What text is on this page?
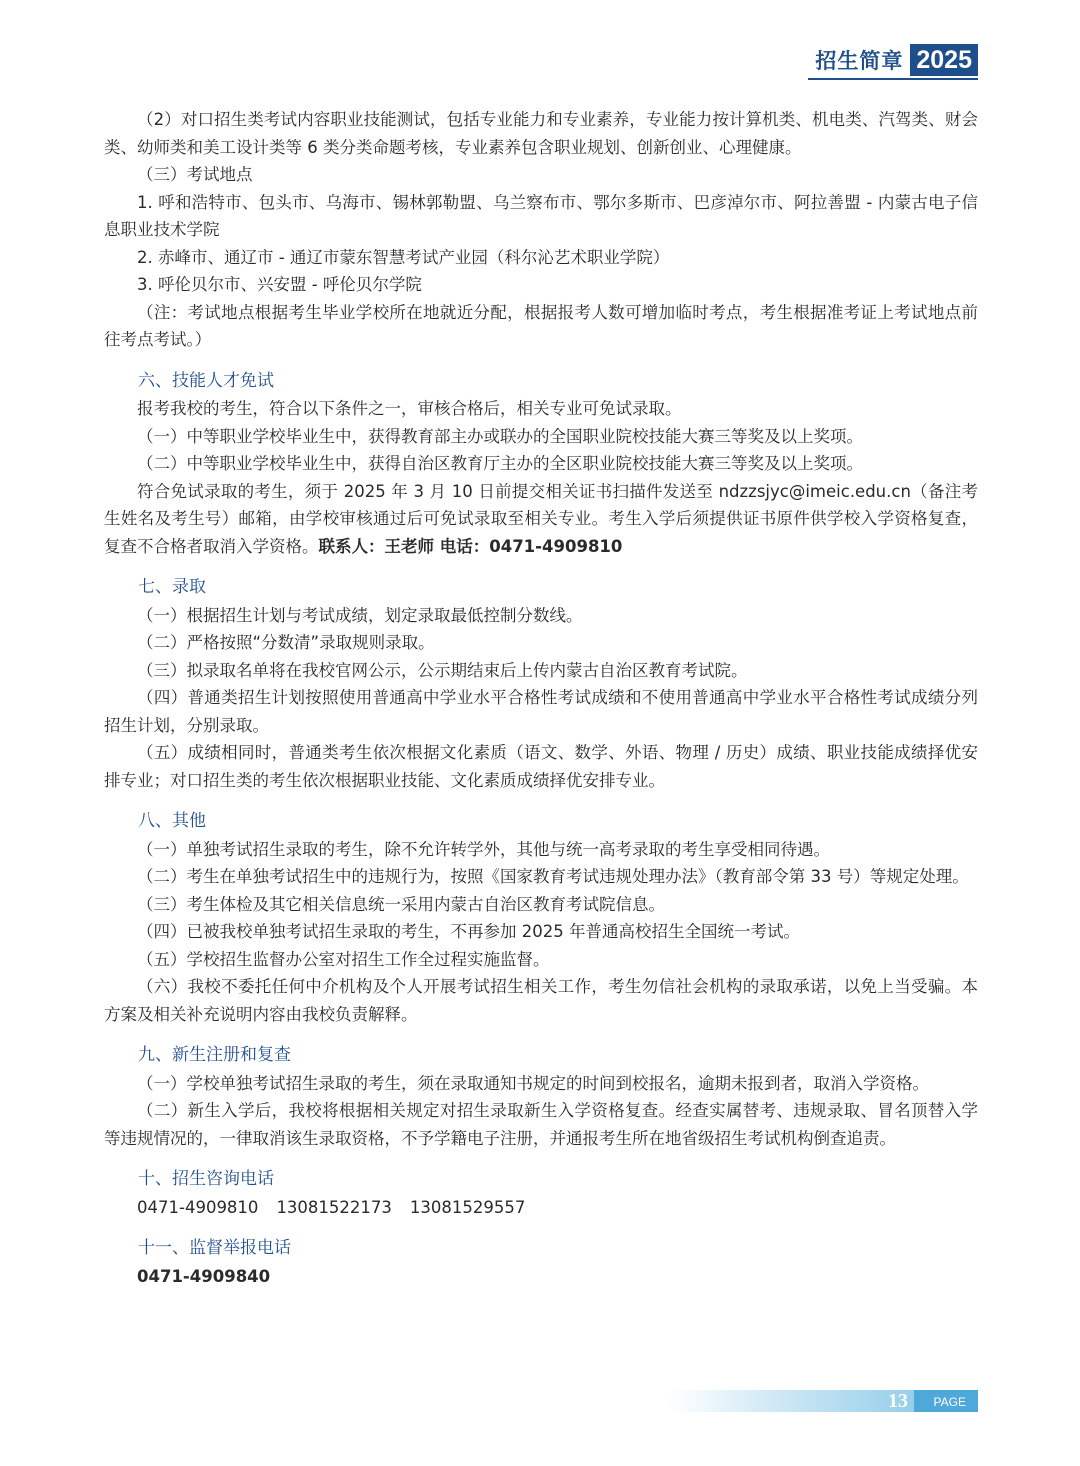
招生简章 2025

（2）对口招生类考试内容职业技能测试，包括专业能力和专业素养，专业能力按计算机类、机电类、汽驾类、财会类、幼师类和美工设计类等 6 类分类命题考核，专业素养包含职业规划、创新创业、心理健康。

（三）考试地点

1. 呼和浩特市、包头市、乌海市、锡林郭勒盟、乌兰察布市、鄂尔多斯市、巴彦淖尔市、阿拉善盟 - 内蒙古电子信息职业技术学院

2. 赤峰市、通辽市 - 通辽市蒙东智慧考试产业园（科尔沁艺术职业学院）

3. 呼伦贝尔市、兴安盟 - 呼伦贝尔学院

（注：考试地点根据考生毕业学校所在地就近分配，根据报考人数可增加临时考点，考生根据准考证上考试地点前往考点考试。）

六、技能人才免试

报考我校的考生，符合以下条件之一，审核合格后，相关专业可免试录取。

（一）中等职业学校毕业生中，获得教育部主办或联办的全国职业院校技能大赛三等奖及以上奖项。

（二）中等职业学校毕业生中，获得自治区教育厅主办的全区职业院校技能大赛三等奖及以上奖项。

符合免试录取的考生，须于 2025 年 3 月 10 日前提交相关证书扫描件发送至 ndzzsjyc@imeic.edu.cn（备注考生姓名及考生号）邮箱，由学校审核通过后可免试录取至相关专业。考生入学后须提供证书原件供学校入学资格复查，复查不合格者取消入学资格。联系人：王老师 电话：0471-4909810

七、录取

（一）根据招生计划与考试成绩，划定录取最低控制分数线。

（二）严格按照“分数清”录取规则录取。

（三）拟录取名单将在我校官网公示，公示期结束后上传内蒙古自治区教育考试院。

（四）普通类招生计划按照使用普通高中学业水平合格性考试成绩和不使用普通高中学业水平合格性考试成绩分列招生计划，分别录取。

（五）成绩相同时，普通类考生依次根据文化素质（语文、数学、外语、物理 / 历史）成绩、职业技能成绩择优安排专业；对口招生类的考生依次根据职业技能、文化素质成绩择优安排专业。

八、其他

（一）单独考试招生录取的考生，除不允许转学外，其他与统一高考录取的考生享受相同待遇。

（二）考生在单独考试招生中的违规行为，按照《国家教育考试违规处理办法》（教育部令第 33 号）等规定处理。

（三）考生体检及其它相关信息统一采用内蒙古自治区教育考试院信息。

（四）已被我校单独考试招生录取的考生，不再参加 2025 年普通高校招生全国统一考试。

（五）学校招生监督办公室对招生工作全过程实施监督。

（六）我校不委托任何中介机构及个人开展考试招生相关工作，考生勿信社会机构的录取承诺，以免上当受骗。本方案及相关补充说明内容由我校负责解释。

九、新生注册和复查

（一）学校单独考试招生录取的考生，须在录取通知书规定的时间到校报名，逾期未报到者，取消入学资格。

（二）新生入学后，我校将根据相关规定对招生录取新生入学资格复查。经查实属替考、违规录取、冒名顶替入学等违规情况的，一律取消该生录取资格，不予学籍电子注册，并通报考生所在地省级招生考试机构倒查追责。

十、招生咨询电话

0471-4909810 13081522173 13081529557

十一、监督举报电话

0471-4909840

13 PAGE
